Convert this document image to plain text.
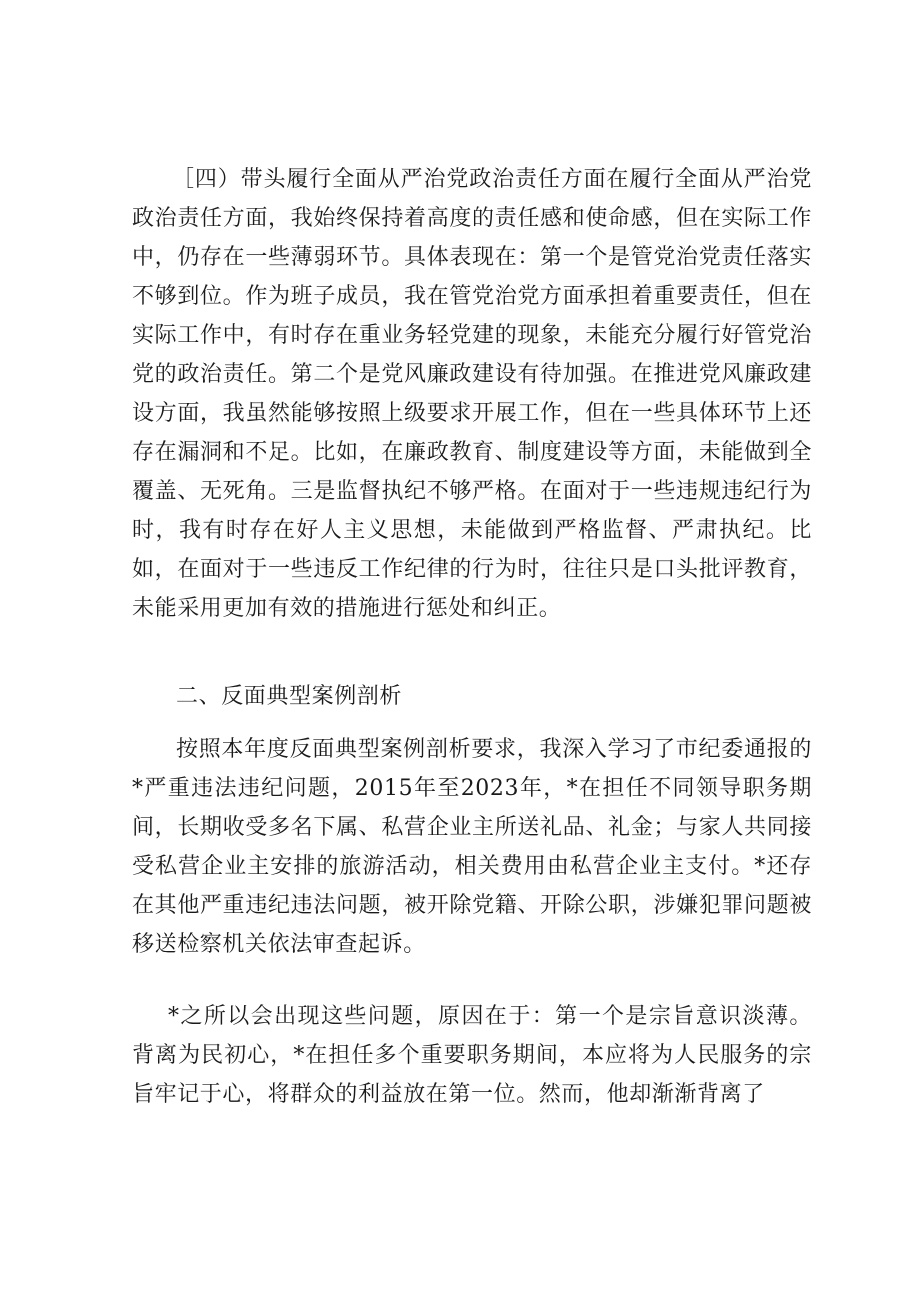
［四）带头履行全面从严治党政治责任方面在履行全面从严治党政治责任方面，我始终保持着高度的责任感和使命感，但在实际工作中，仍存在一些薄弱环节。具体表现在：第一个是管党治党责任落实不够到位。作为班子成员，我在管党治党方面承担着重要责任，但在实际工作中，有时存在重业务轻党建的现象，未能充分履行好管党治党的政治责任。第二个是党风廉政建设有待加强。在推进党风廉政建设方面，我虽然能够按照上级要求开展工作，但在一些具体环节上还存在漏洞和不足。比如，在廉政教育、制度建设等方面，未能做到全覆盖、无死角。三是监督执纪不够严格。在面对于一些违规违纪行为时，我有时存在好人主义思想，未能做到严格监督、严肃执纪。比如，在面对于一些违反工作纪律的行为时，往往只是口头批评教育，未能采用更加有效的措施进行惩处和纠正。

二、反面典型案例剖析

按照本年度反面典型案例剖析要求，我深入学习了市纪委通报的*严重违法违纪问题，2015年至2023年，*在担任不同领导职务期间，长期收受多名下属、私营企业主所送礼品、礼金；与家人共同接受私营企业主安排的旅游活动，相关费用由私营企业主支付。*还存在其他严重违纪违法问题，被开除党籍、开除公职，涉嫌犯罪问题被移送检察机关依法审查起诉。

*之所以会出现这些问题，原因在于：第一个是宗旨意识淡薄。背离为民初心，*在担任多个重要职务期间，本应将为人民服务的宗旨牢记于心，将群众的利益放在第一位。然而，他却渐渐背离了
